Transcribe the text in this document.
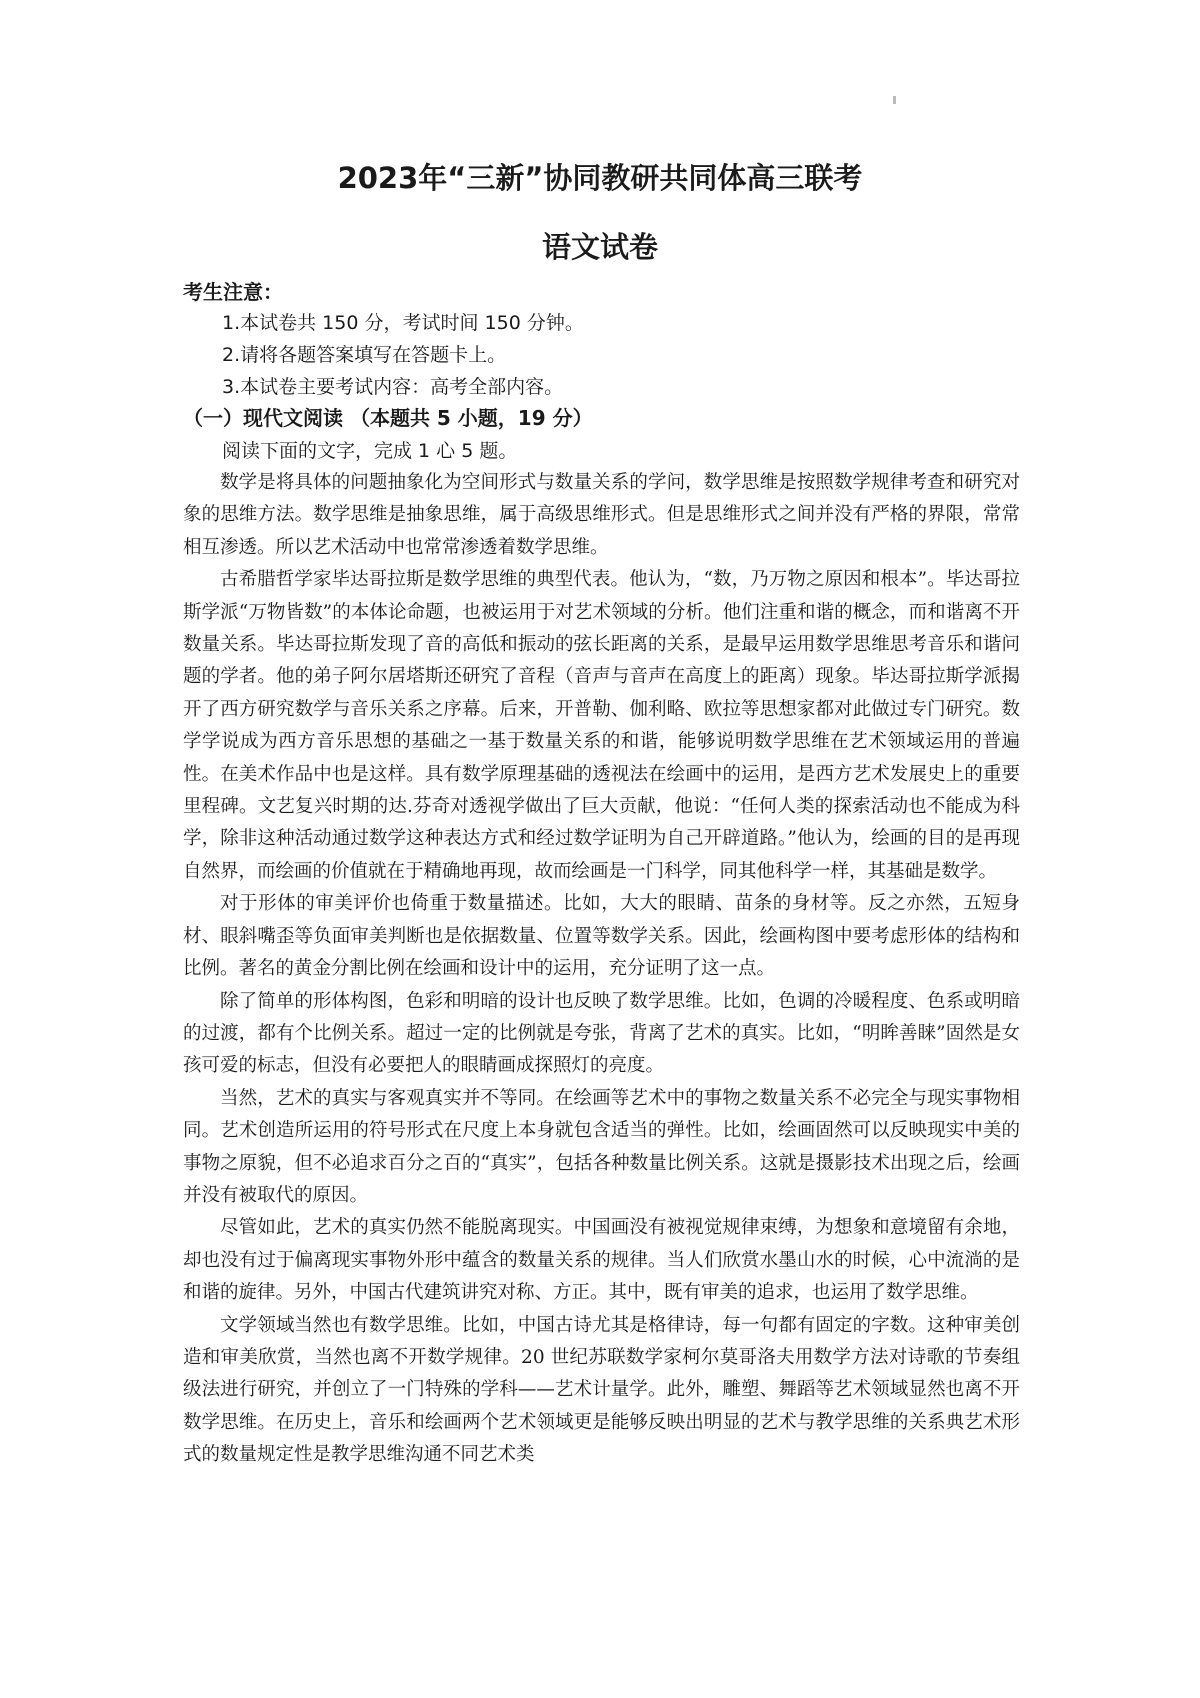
2023年“三新”协同教研共同体高三联考
语文试卷
考生注意：
1.本试卷共 150 分，考试时间 150 分钟。
2.请将各题答案填写在答题卡上。
3.本试卷主要考试内容：高考全部内容。
（一）现代文阅读 （本题共 5 小题，19 分）
阅读下面的文字，完成 1 心 5 题。

数学是将具体的问题抽象化为空间形式与数量关系的学问，数学思维是按照数学规律考查和研究对象的思维方法。数学思维是抽象思维，属于高级思维形式。但是思维形式之间并没有严格的界限，常常相互渗透。所以艺术活动中也常常渗透着数学思维。

古希腊哲学家毕达哥拉斯是数学思维的典型代表。他认为，“数，乃万物之原因和根本”。毕达哥拉斯学派“万物皆数”的本体论命题，也被运用于对艺术领域的分析。他们注重和谐的概念，而和谐离不开数量关系。毕达哥拉斯发现了音的高低和振动的弦长距离的关系，是最早运用数学思维思考音乐和谐问题的学者。他的弟子阿尔居塔斯还研究了音程（音声与音声在高度上的距离）现象。毕达哥拉斯学派揭开了西方研究数学与音乐关系之序幕。后来，开普勒、伽利略、欧拉等思想家都对此做过专门研究。数学学说成为西方音乐思想的基础之一基于数量关系的和谐，能够说明数学思维在艺术领域运用的普遍性。在美术作品中也是这样。具有数学原理基础的透视法在绘画中的运用，是西方艺术发展史上的重要里程碑。文艺复兴时期的达.芬奇对透视学做出了巨大贡献，他说：“任何人类的探索活动也不能成为科学，除非这种活动通过数学这种表达方式和经过数学证明为自己开辟道路。”他认为，绘画的目的是再现自然界，而绘画的价值就在于精确地再现，故而绘画是一门科学，同其他科学一样，其基础是数学。

对于形体的审美评价也倚重于数量描述。比如，大大的眼睛、苗条的身材等。反之亦然，五短身材、眼斜嘴歪等负面审美判断也是依据数量、位置等数学关系。因此，绘画构图中要考虑形体的结构和比例。著名的黄金分割比例在绘画和设计中的运用，充分证明了这一点。

除了简单的形体构图，色彩和明暗的设计也反映了数学思维。比如，色调的冷暖程度、色系或明暗的过渡，都有个比例关系。超过一定的比例就是夸张，背离了艺术的真实。比如，“明眸善睐”固然是女孩可爱的标志，但没有必要把人的眼睛画成探照灯的亮度。

当然，艺术的真实与客观真实并不等同。在绘画等艺术中的事物之数量关系不必完全与现实事物相同。艺术创造所运用的符号形式在尺度上本身就包含适当的弹性。比如，绘画固然可以反映现实中美的事物之原貌，但不必追求百分之百的“真实”，包括各种数量比例关系。这就是摄影技术出现之后，绘画并没有被取代的原因。

尽管如此，艺术的真实仍然不能脱离现实。中国画没有被视觉规律束缚，为想象和意境留有余地，却也没有过于偏离现实事物外形中蕴含的数量关系的规律。当人们欣赏水墨山水的时候，心中流淌的是和谐的旋律。另外，中国古代建筑讲究对称、方正。其中，既有审美的追求，也运用了数学思维。

文学领域当然也有数学思维。比如，中国古诗尤其是格律诗，每一句都有固定的字数。这种审美创造和审美欣赏，当然也离不开数学规律。20 世纪苏联数学家柯尔莫哥洛夫用数学方法对诗歌的节奏组级法进行研究，并创立了一门特殊的学科——艺术计量学。此外，雕塑、舞蹈等艺术领域显然也离不开数学思维。在历史上，音乐和绘画两个艺术领域更是能够反映出明显的艺术与教学思维的关系典艺术形式的数量规定性是教学思维沟通不同艺术类
